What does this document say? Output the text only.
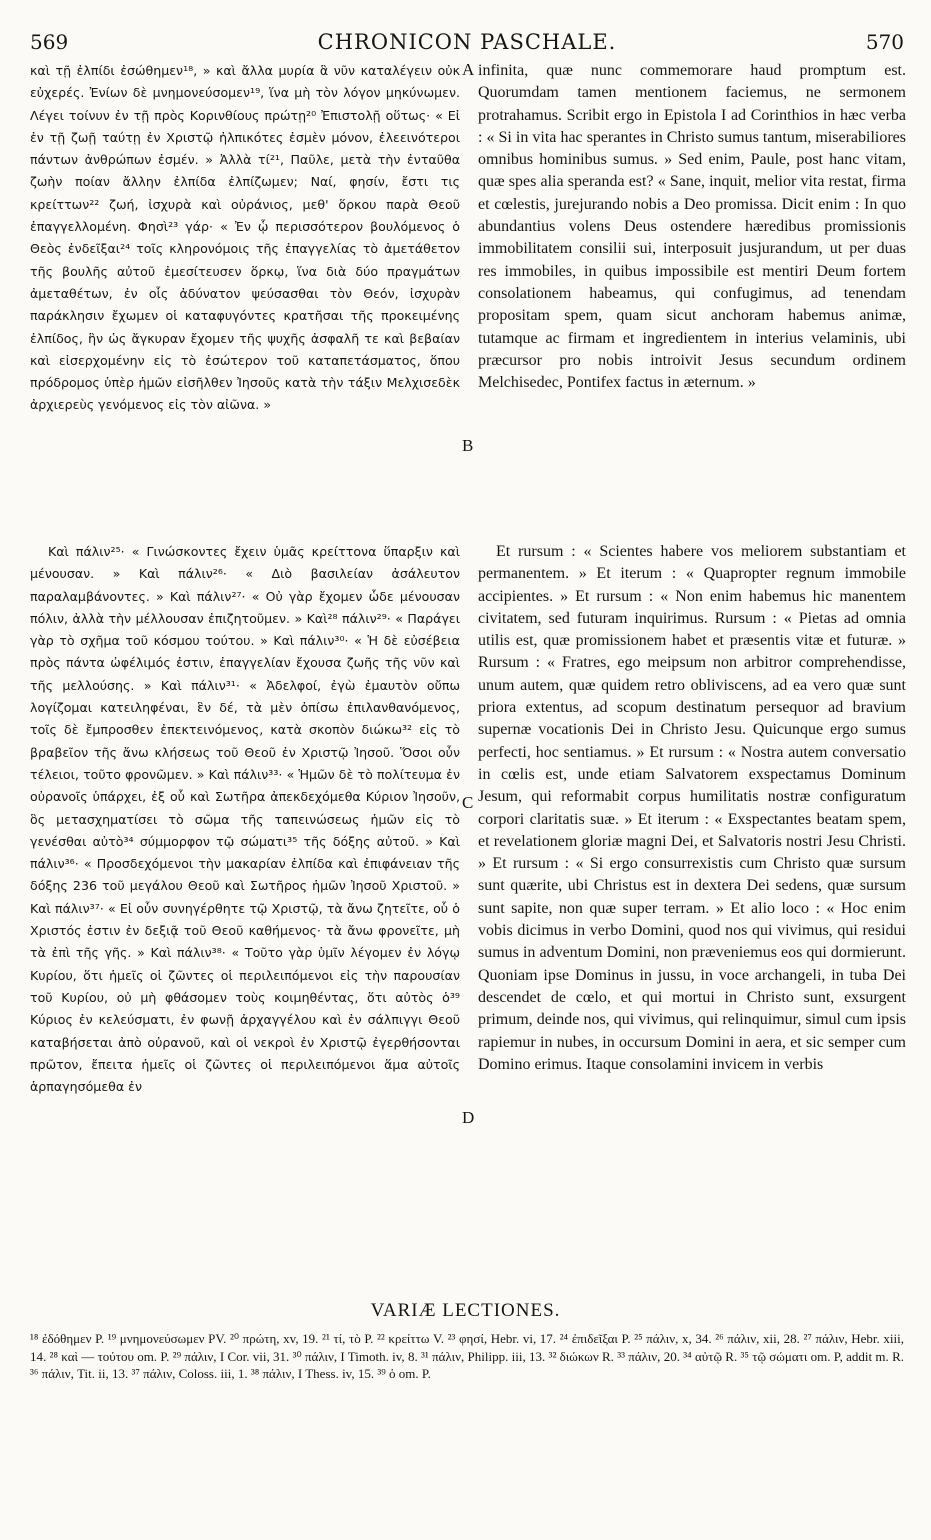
569	CHRONICON PASCHALE.	570

καὶ τῇ ἐλπίδι ἐσώθημεν¹⁸, » καὶ ἄλλα μυρία ἃ νῦν καταλέγειν οὐκ εὐχερές. Ἐνίων δὲ μνημονεύσομεν¹⁹, ἵνα μὴ τὸν λόγον μηκύνωμεν. Λέγει τοίνυν ἐν τῇ πρὸς Κορινθίους πρώτῃ²⁰ Ἐπιστολῇ οὕτως· « Εἰ ἐν τῇ ζωῇ ταύτῃ ἐν Χριστῷ ἠλπικότες ἐσμὲν μόνον, ἐλεεινότεροι πάντων ἀνθρώπων ἐσμέν. » Ἀλλὰ τί²¹, Παῦλε, μετὰ τὴν ἐνταῦθα ζωὴν ποίαν ἄλλην ἐλπίδα ἐλπίζωμεν; Ναί, φησίν, ἔστι τις κρείττων²² ζωή, ἰσχυρὰ καὶ οὐράνιος, μεθ' ὅρκου παρὰ Θεοῦ ἐπαγγελλομένη. Φησὶ²³ γάρ· « Ἐν ᾧ περισσότερον βουλόμενος ὁ Θεὸς ἐνδεῖξαι²⁴ τοῖς κληρονόμοις τῆς ἐπαγγελίας τὸ ἀμετάθετον τῆς βουλῆς αὐτοῦ ἐμεσίτευσεν ὅρκῳ, ἵνα διὰ δύο πραγμάτων ἀμεταθέτων, ἐν οἷς ἀδύνατον ψεύσασθαι τὸν Θεόν, ἰσχυρὰν παράκλησιν ἔχωμεν οἱ καταφυγόντες κρατῆσαι τῆς προκειμένης ἐλπίδος, ἣν ὡς ἄγκυραν ἔχομεν τῆς ψυχῆς ἀσφαλῆ τε καὶ βεβαίαν καὶ εἰσερχομένην εἰς τὸ ἐσώτερον τοῦ καταπετάσματος, ὅπου πρόδρομος ὑπὲρ ἡμῶν εἰσῆλθεν Ἰησοῦς κατὰ τὴν τάξιν Μελχισεδὲκ ἀρχιερεὺς γενόμενος εἰς τὸν αἰῶνα. »

Καὶ πάλιν²⁵· « Γινώσκοντες ἔχειν ὑμᾶς κρείττονα ὕπαρξιν καὶ μένουσαν. » Καὶ πάλιν²⁶· « Διὸ βασιλείαν ἀσάλευτον παραλαμβάνοντες. » Καὶ πάλιν²⁷· « Οὐ γὰρ ἔχομεν ὧδε μένουσαν πόλιν, ἀλλὰ τὴν μέλλουσαν ἐπιζητοῦμεν. » Καὶ²⁸ πάλιν²⁹· « Παράγει γὰρ τὸ σχῆμα τοῦ κόσμου τούτου. » Καὶ πάλιν³⁰· « Ἡ δὲ εὐσέβεια πρὸς πάντα ὠφέλιμός ἐστιν, ἐπαγγελίαν ἔχουσα ζωῆς τῆς νῦν καὶ τῆς μελλούσης. » Καὶ πάλιν³¹· « Ἀδελφοί, ἐγὼ ἐμαυτὸν οὔπω λογίζομαι κατειληφέναι, ἓν δέ, τὰ μὲν ὀπίσω ἐπιλανθανόμενος, τοῖς δὲ ἔμπροσθεν ἐπεκτεινόμενος, κατὰ σκοπὸν διώκω³² εἰς τὸ βραβεῖον τῆς ἄνω κλήσεως τοῦ Θεοῦ ἐν Χριστῷ Ἰησοῦ. Ὅσοι οὖν τέλειοι, τοῦτο φρονῶμεν. » Καὶ πάλιν³³· « Ἡμῶν δὲ τὸ πολίτευμα ἐν οὐρανοῖς ὑπάρχει, ἐξ οὗ καὶ Σωτῆρα ἀπεκδεχόμεθα Κύριον Ἰησοῦν, ὃς μετασχηματίσει τὸ σῶμα τῆς ταπεινώσεως ἡμῶν εἰς τὸ γενέσθαι αὐτὸ³⁴ σύμμορφον τῷ σώματι³⁵ τῆς δόξης αὐτοῦ. » Καὶ πάλιν³⁶· « Προσδεχόμενοι τὴν μακαρίαν ἐλπίδα καὶ ἐπιφάνειαν τῆς δόξης 236 τοῦ μεγάλου Θεοῦ καὶ Σωτῆρος ἡμῶν Ἰησοῦ Χριστοῦ. » Καὶ πάλιν³⁷· « Εἰ οὖν συνηγέρθητε τῷ Χριστῷ, τὰ ἄνω ζητεῖτε, οὗ ὁ Χριστός ἐστιν ἐν δεξιᾷ τοῦ Θεοῦ καθήμενος· τὰ ἄνω φρονεῖτε, μὴ τὰ ἐπὶ τῆς γῆς. » Καὶ πάλιν³⁸· « Τοῦτο γὰρ ὑμῖν λέγομεν ἐν λόγῳ Κυρίου, ὅτι ἡμεῖς οἱ ζῶντες οἱ περιλειπόμενοι εἰς τὴν παρουσίαν τοῦ Κυρίου, οὐ μὴ φθάσομεν τοὺς κοιμηθέντας, ὅτι αὐτὸς ὁ³⁹ Κύριος ἐν κελεύσματι, ἐν φωνῇ ἀρχαγγέλου καὶ ἐν σάλπιγγι Θεοῦ καταβήσεται ἀπὸ οὐρανοῦ, καὶ οἱ νεκροὶ ἐν Χριστῷ ἐγερθήσονται πρῶτον, ἔπειτα ἡμεῖς οἱ ζῶντες οἱ περιλειπόμενοι ἅμα αὐτοῖς ἁρπαγησόμεθα ἐν

A
B
C
D

infinita, quæ nunc commemorare haud promptum est. Quorumdam tamen mentionem faciemus, ne sermonem protrahamus. Scribit ergo in Epistola I ad Corinthios in hæc verba : « Si in vita hac sperantes in Christo sumus tantum, miserabiliores omnibus hominibus sumus. » Sed enim, Paule, post hanc vitam, quæ spes alia speranda est? « Sane, inquit, melior vita restat, firma et cœlestis, jurejurando nobis a Deo promissa. Dicit enim : In quo abundantius volens Deus ostendere hæredibus promissionis immobilitatem consilii sui, interposuit jusjurandum, ut per duas res immobiles, in quibus impossibile est mentiri Deum fortem consolationem habeamus, qui confugimus, ad tenendam propositam spem, quam sicut anchoram habemus animæ, tutamque ac firmam et ingredientem in interius velaminis, ubi præcursor pro nobis introivit Jesus secundum ordinem Melchisedec, Pontifex factus in æternum. »

Et rursum : « Scientes habere vos meliorem substantiam et permanentem. » Et iterum : « Quapropter regnum immobile accipientes. » Et rursum : « Non enim habemus hic manentem civitatem, sed futuram inquirimus. Rursum : « Pietas ad omnia utilis est, quæ promissionem habet et præsentis vitæ et futuræ. » Rursum : « Fratres, ego meipsum non arbitror comprehendisse, unum autem, quæ quidem retro obliviscens, ad ea vero quæ sunt priora extentus, ad scopum destinatum persequor ad bravium supernæ vocationis Dei in Christo Jesu. Quicunque ergo sumus perfecti, hoc sentiamus. » Et rursum : « Nostra autem conversatio in cœlis est, unde etiam Salvatorem exspectamus Dominum Jesum, qui reformabit corpus humilitatis nostræ configuratum corpori claritatis suæ. » Et iterum : « Exspectantes beatam spem, et revelationem gloriæ magni Dei, et Salvatoris nostri Jesu Christi. » Et rursum : « Si ergo consurrexistis cum Christo quæ sursum sunt quærite, ubi Christus est in dextera Dei sedens, quæ sursum sunt sapite, non quæ super terram. » Et alio loco : « Hoc enim vobis dicimus in verbo Domini, quod nos qui vivimus, qui residui sumus in adventum Domini, non præveniemus eos qui dormierunt. Quoniam ipse Dominus in jussu, in voce archangeli, in tuba Dei descendet de cœlo, et qui mortui in Christo sunt, exsurgent primum, deinde nos, qui vivimus, qui relinquimur, simul cum ipsis rapiemur in nubes, in occursum Domini in aera, et sic semper cum Domino erimus. Itaque consolamini invicem in verbis

VARIÆ LECTIONES.
¹⁸ ἐδόθημεν P. ¹⁹ μνημονεύσωμεν PV. ²⁰ πρώτη, xv, 19. ²¹ τί, τὸ P. ²² κρείττω V. ²³ φησί, Hebr. vi, 17. ²⁴ ἐπιδεῖξαι P. ²⁵ πάλιν, x, 34. ²⁶ πάλιν, xii, 28. ²⁷ πάλιν, Hebr. xiii, 14. ²⁸ καὶ — τούτου om. P. ²⁹ πάλιν, I Cor. vii, 31. ³⁰ πάλιν, I Timoth. iv, 8. ³¹ πάλιν, Philipp. iii, 13. ³² διώκων R. ³³ πάλιν, 20. ³⁴ αὐτῷ R. ³⁵ τῷ σώματι om. P, addit m. R. ³⁶ πάλιν, Tit. ii, 13. ³⁷ πάλιν, Coloss. iii, 1. ³⁸ πάλιν, I Thess. iv, 15. ³⁹ ὁ om. P.
